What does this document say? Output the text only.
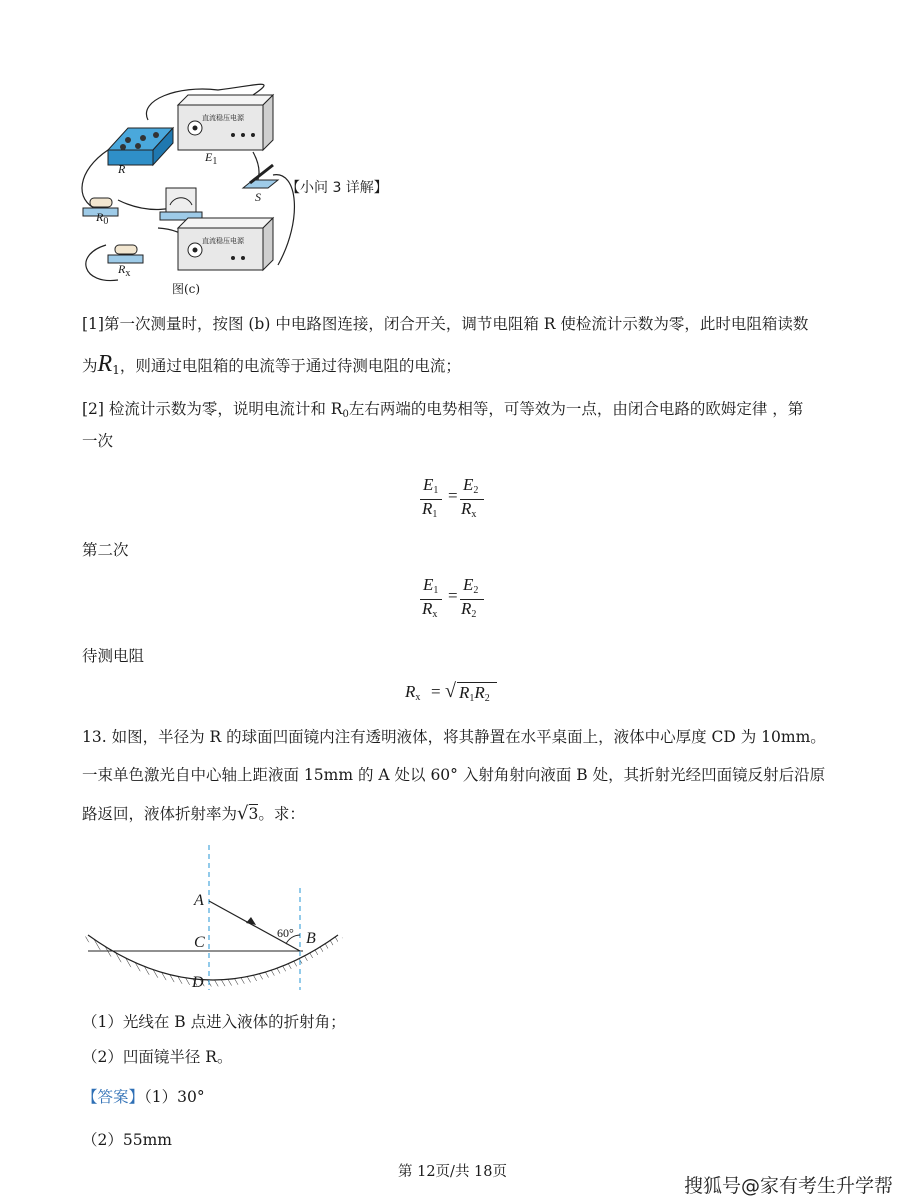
直流稳压电源
直流稳压电源
R
$E_1$
S
$R_0$
$R_x$
图(c)
【小问 3 详解】
[1]第一次测量时，按图 (b) 中电路图连接，闭合开关，调节电阻箱 R 使检流计示数为零，此时电阻箱读数
为$R_1$，则通过电阻箱的电流等于通过待测电阻的电流；
[2] 检流计示数为零，说明电流计和 $R_0$左右两端的电势相等，可等效为一点，由闭合电路的欧姆定律 ，第
一次
$E_1$
$R_1$
=
$E_2$
$R_x$
第二次
$E_1$
$R_x$
=
$E_2$
$R_2$
待测电阻
$R_x$ = √ $R_1R_2$
13. 如图，半径为 R 的球面凹面镜内注有透明液体，将其静置在水平桌面上，液体中心厚度 CD 为 10mm。
一束单色激光自中心轴上距液面 15mm 的 A 处以 60° 入射角射向液面 B 处，其折射光经凹面镜反射后沿原
路返回，液体折射率为√3。求：
A
B
C
D
60°
（1）光线在 B 点进入液体的折射角；
（2）凹面镜半径 R。
【答案】（1）30°
（2）55mm
第 12页/共 18页
搜狐号@家有考生升学帮
